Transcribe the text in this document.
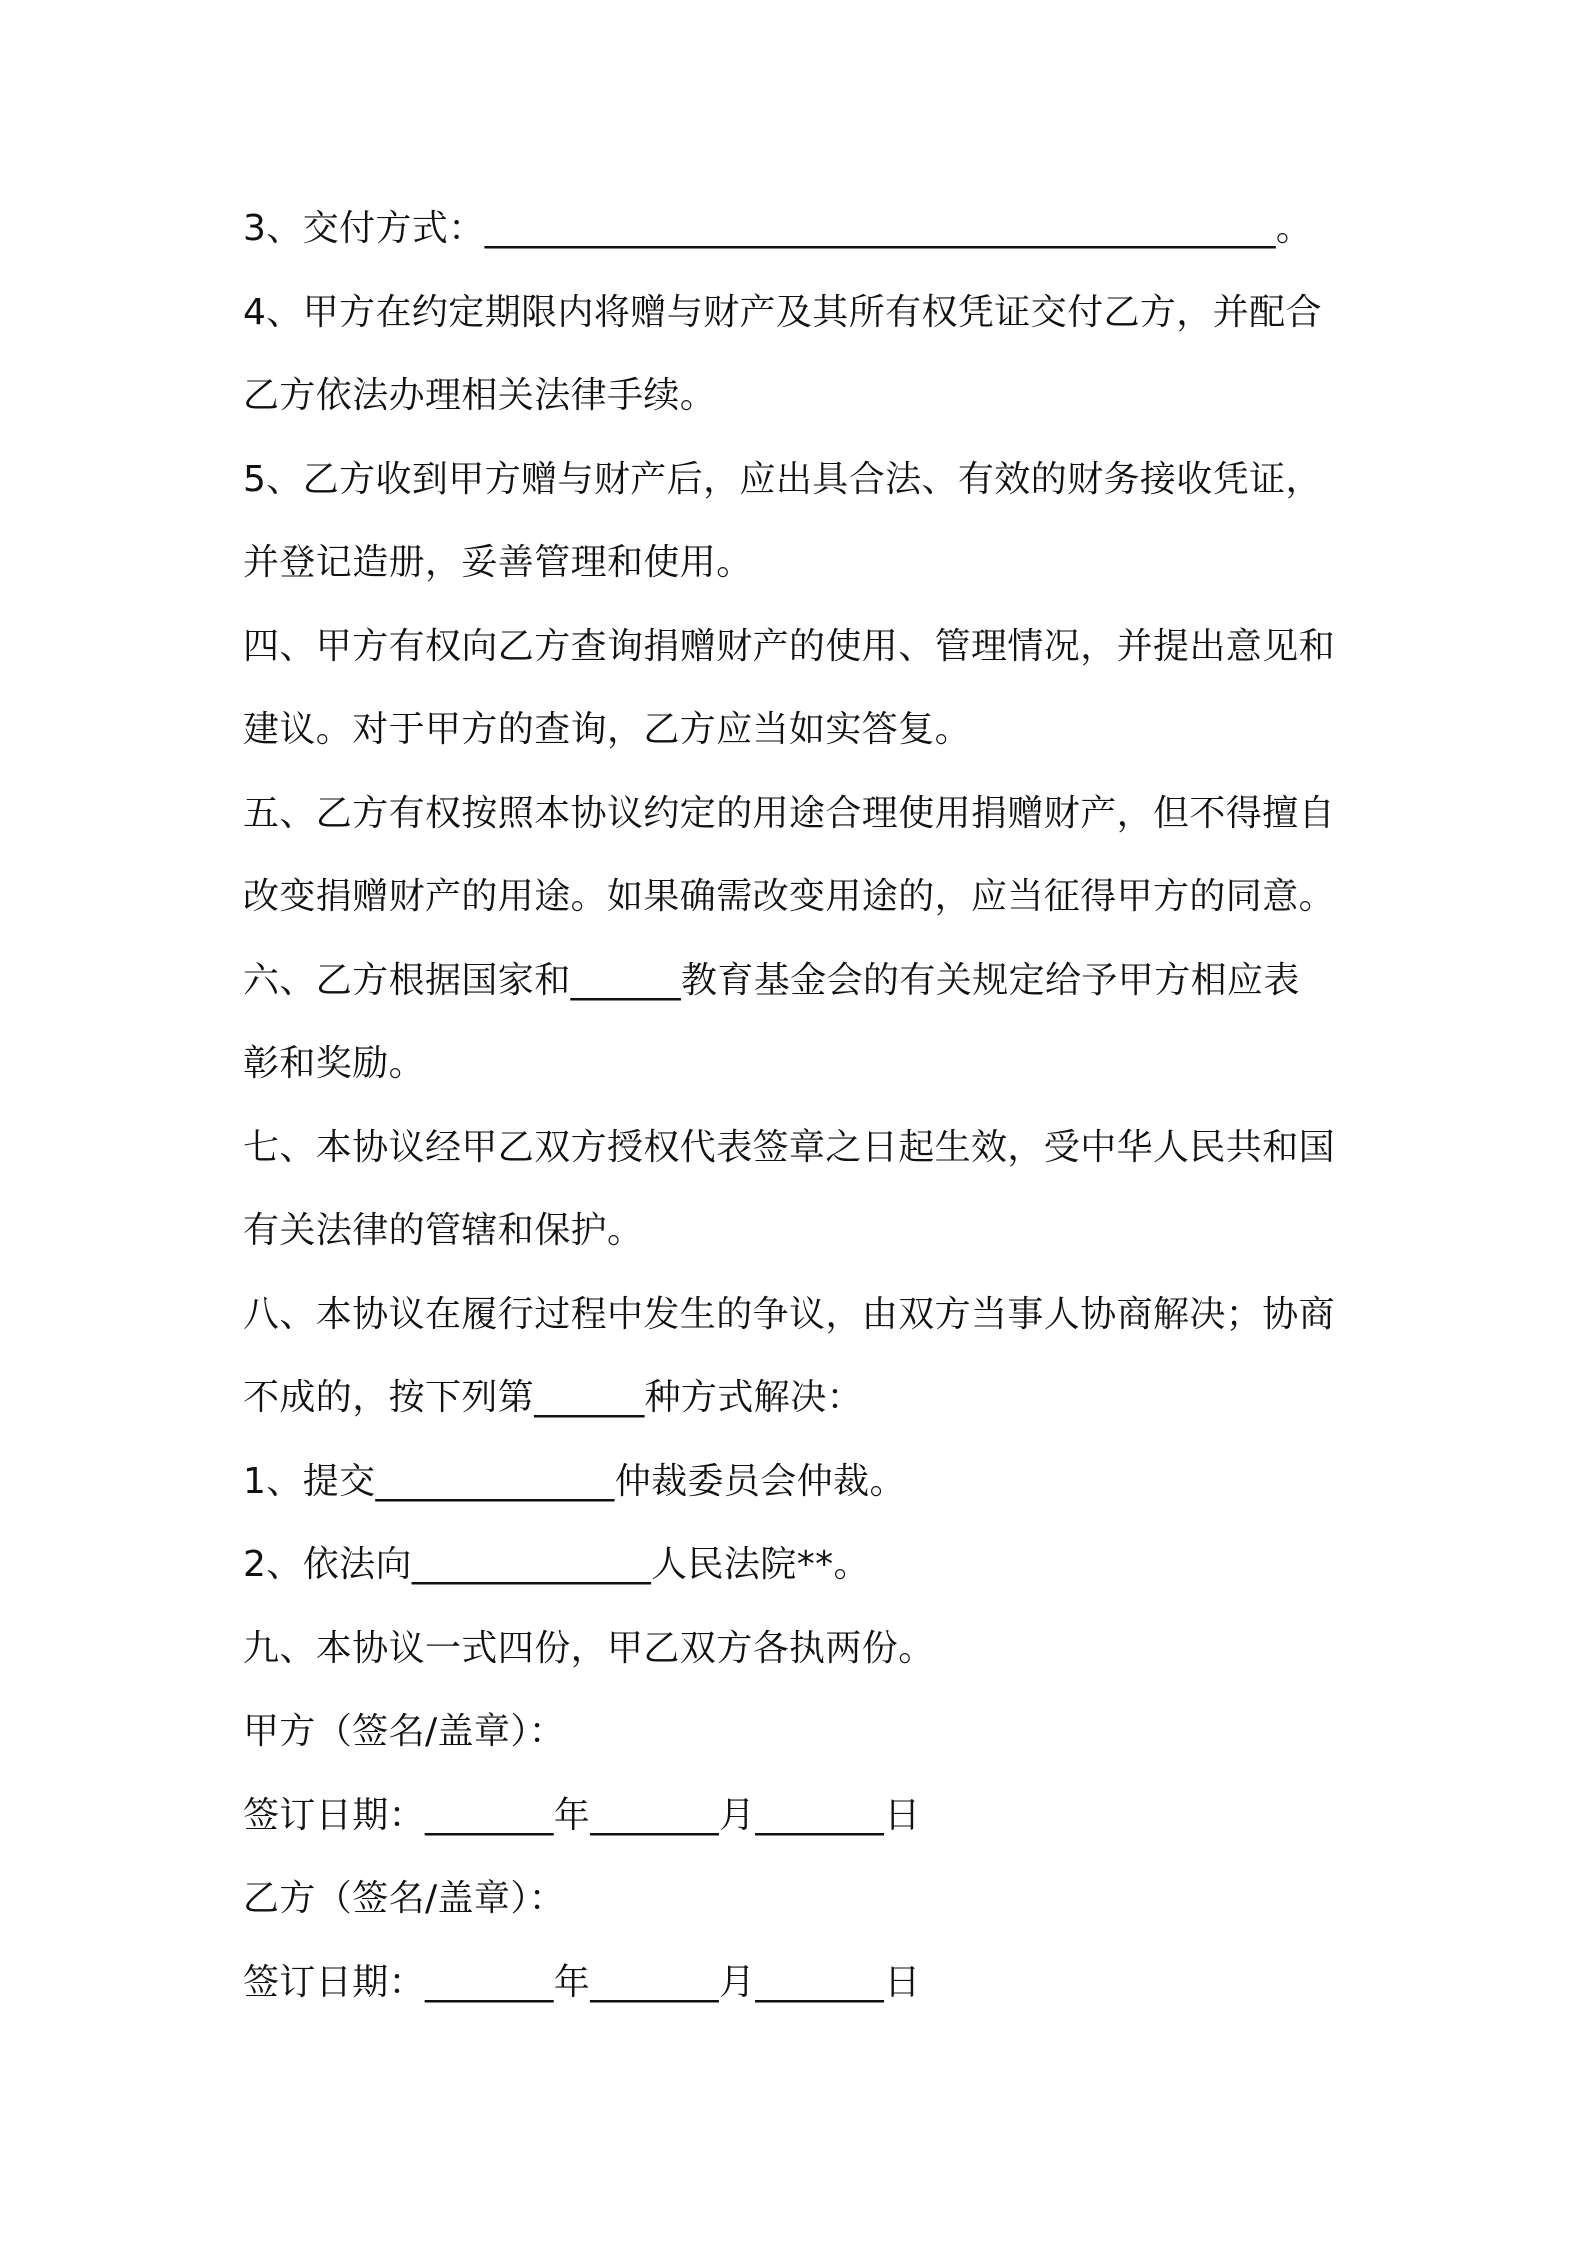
3、交付方式：___________________________________________。
4、甲方在约定期限内将赠与财产及其所有权凭证交付乙方，并配合
乙方依法办理相关法律手续。
5、乙方收到甲方赠与财产后，应出具合法、有效的财务接收凭证，
并登记造册，妥善管理和使用。
四、甲方有权向乙方查询捐赠财产的使用、管理情况，并提出意见和
建议。对于甲方的查询，乙方应当如实答复。
五、乙方有权按照本协议约定的用途合理使用捐赠财产，但不得擅自
改变捐赠财产的用途。如果确需改变用途的，应当征得甲方的同意。
六、乙方根据国家和______教育基金会的有关规定给予甲方相应表
彰和奖励。
七、本协议经甲乙双方授权代表签章之日起生效，受中华人民共和国
有关法律的管辖和保护。
八、本协议在履行过程中发生的争议，由双方当事人协商解决；协商
不成的，按下列第______种方式解决：
1、提交_____________仲裁委员会仲裁。
2、依法向_____________人民法院**。
九、本协议一式四份，甲乙双方各执两份。
甲方（签名/盖章）：
签订日期：_______年_______月_______日
乙方（签名/盖章）：
签订日期：_______年_______月_______日
